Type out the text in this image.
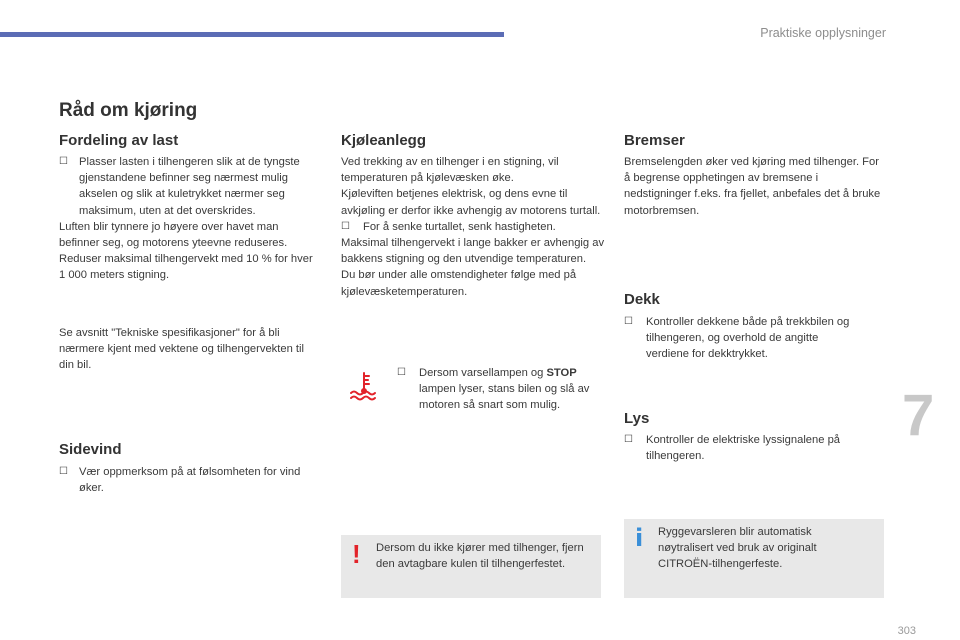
Praktiske opplysninger
7
303
Råd om kjøring
Fordeling av last
☐ Plasser lasten i tilhengeren slik at de tyngste gjenstandene befinner seg nærmest mulig akselen og slik at kuletrykket nærmer seg maksimum, uten at det overskrides.
Luften blir tynnere jo høyere over havet man befinner seg, og motorens yteevne reduseres. Reduser maksimal tilhengervekt med 10 % for hver 1 000 meters stigning.
Se avsnitt "Tekniske spesifikasjoner" for å bli nærmere kjent med vektene og tilhengervekten til din bil.
Sidevind
☐ Vær oppmerksom på at følsomheten for vind øker.
Kjøleanlegg
Ved trekking av en tilhenger i en stigning, vil temperaturen på kjølevæsken øke.
Kjøleviften betjenes elektrisk, og dens evne til avkjøling er derfor ikke avhengig av motorens turtall.
☐ For å senke turtallet, senk hastigheten.
Maksimal tilhengervekt i lange bakker er avhengig av bakkens stigning og den utvendige temperaturen.
Du bør under alle omstendigheter følge med på kjølevæsketemperaturen.
☐ Dersom varsellampen og STOP lampen lyser, stans bilen og slå av motoren så snart som mulig.
! Dersom du ikke kjører med tilhenger, fjern den avtagbare kulen til tilhengerfestet.
Bremser
Bremselengden øker ved kjøring med tilhenger. For å begrense opphetingen av bremsene i nedstigninger f.eks. fra fjellet, anbefales det å bruke motorbremsen.
Dekk
☐ Kontroller dekkene både på trekkbilen og tilhengeren, og overhold de angitte verdiene for dekktrykket.
Lys
☐ Kontroller de elektriske lyssignalene på tilhengeren.
i Ryggevarsleren blir automatisk nøytralisert ved bruk av originalt CITROËN-tilhengerfeste.
